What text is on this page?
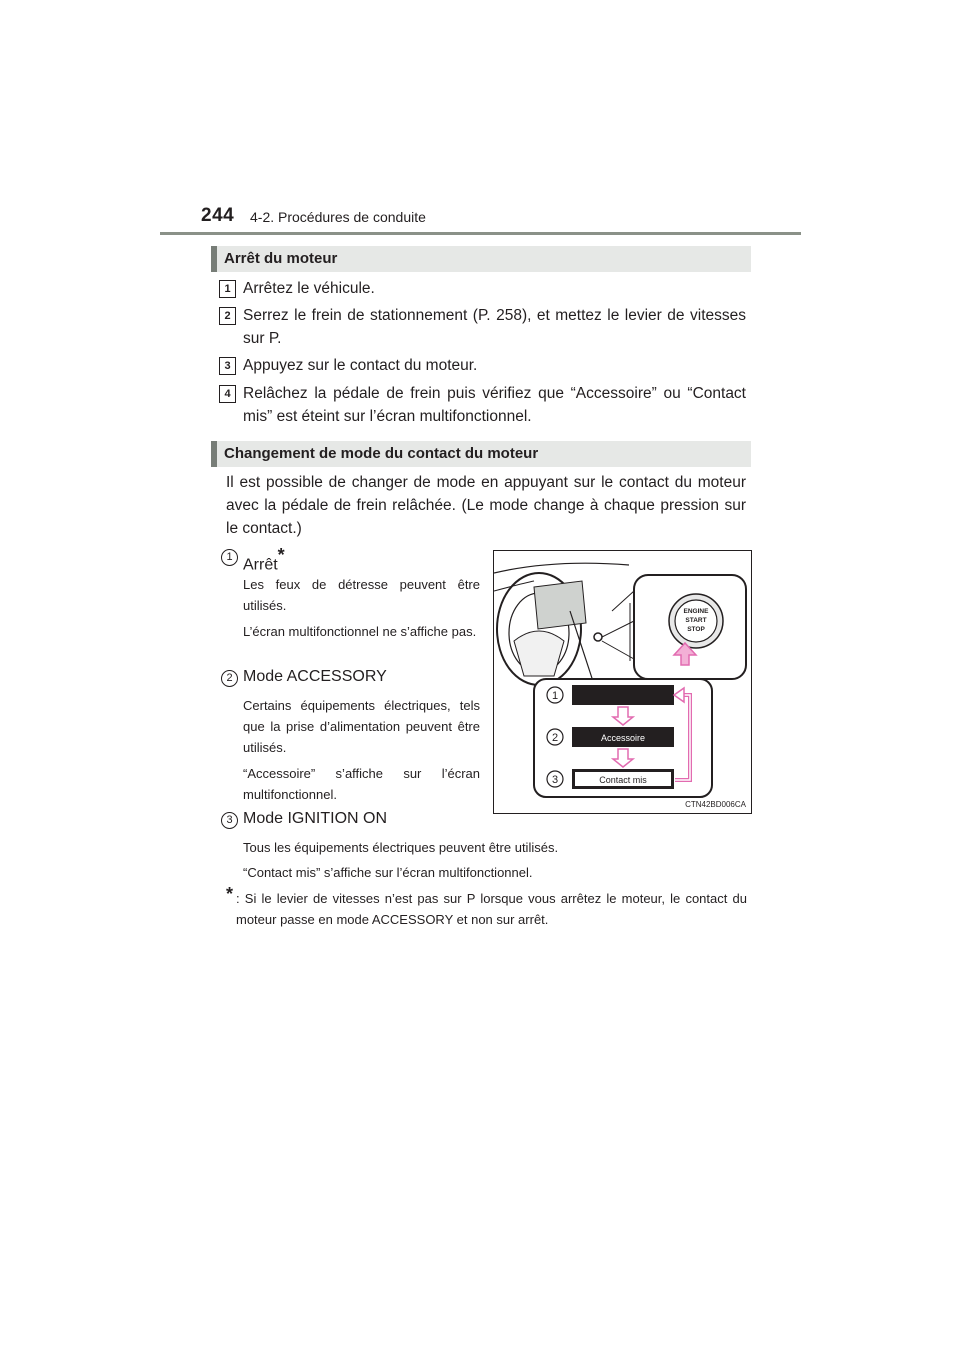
244 4-2. Procédures de conduite
Arrêt du moteur
1 Arrêtez le véhicule.
2 Serrez le frein de stationnement (P. 258), et mettez le levier de vitesses sur P.
3 Appuyez sur le contact du moteur.
4 Relâchez la pédale de frein puis vérifiez que “Accessoire” ou “Contact mis” est éteint sur l’écran multifonctionnel.
Changement de mode du contact du moteur
Il est possible de changer de mode en appuyant sur le contact du moteur avec la pédale de frein relâchée. (Le mode change à chaque pression sur le contact.)
1 Arrêt*
Les feux de détresse peuvent être utilisés.
L’écran multifonctionnel ne s’affiche pas.
2 Mode ACCESSORY
Certains équipements électriques, tels que la prise d’alimentation peuvent être utilisés.
“Accessoire” s’affiche sur l’écran multifonctionnel.
3 Mode IGNITION ON
Tous les équipements électriques peuvent être utilisés.
“Contact mis” s’affiche sur l’écran multifonctionnel.
* : Si le levier de vitesses n’est pas sur P lorsque vous arrêtez le moteur, le contact du moteur passe en mode ACCESSORY et non sur arrêt.
ENGINE
START
STOP
1
2	Accessoire
3	Contact mis
CTN42BD006CA
